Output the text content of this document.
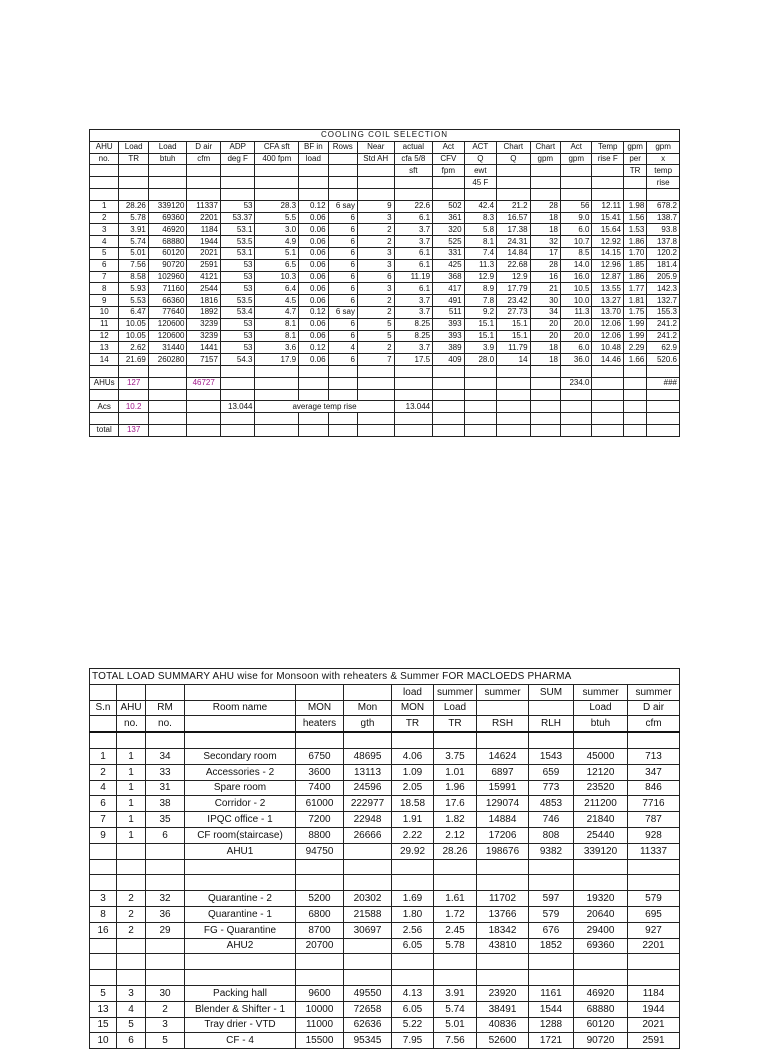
COOLING COIL SELECTION																	
AHU	Load	Load	D air	ADP	CFA sft	BF in	Rows	Near	actual	Act	ACT	Chart	Chart	Act	Temp	gpm	gpm
no.	TR	btuh	cfm	deg F	400 fpm	load		Std AH	cfa 5/8	CFV	Q	Q	gpm	gpm	rise F	per	x
									sft	fpm	ewt					TR	temp
											45 F						rise

1	28.26	339120	11337	53	28.3	0.12	6 say	9	22.6	502	42.4	21.2	28	56	12.11	1.98	678.2
2	5.78	69360	2201	53.37	5.5	0.06	6	3	6.1	361	8.3	16.57	18	9.0	15.41	1.56	138.7
3	3.91	46920	1184	53.1	3.0	0.06	6	2	3.7	320	5.8	17.38	18	6.0	15.64	1.53	93.8
4	5.74	68880	1944	53.5	4.9	0.06	6	2	3.7	525	8.1	24.31	32	10.7	12.92	1.86	137.8
5	5.01	60120	2021	53.1	5.1	0.06	6	3	6.1	331	7.4	14.84	17	8.5	14.15	1.70	120.2
6	7.56	90720	2591	53	6.5	0.06	6	3	6.1	425	11.3	22.68	28	14.0	12.96	1.85	181.4
7	8.58	102960	4121	53	10.3	0.06	6	6	11.19	368	12.9	12.9	16	16.0	12.87	1.86	205.9
8	5.93	71160	2544	53	6.4	0.06	6	3	6.1	417	8.9	17.79	21	10.5	13.55	1.77	142.3
9	5.53	66360	1816	53.5	4.5	0.06	6	2	3.7	491	7.8	23.42	30	10.0	13.27	1.81	132.7
10	6.47	77640	1892	53.4	4.7	0.12	6 say	2	3.7	511	9.2	27.73	34	11.3	13.70	1.75	155.3
11	10.05	120600	3239	53	8.1	0.06	6	5	8.25	393	15.1	15.1	20	20.0	12.06	1.99	241.2
12	10.05	120600	3239	53	8.1	0.06	6	5	8.25	393	15.1	15.1	20	20.0	12.06	1.99	241.2
13	2.62	31440	1441	53	3.6	0.12	4	2	3.7	389	3.9	11.79	18	6.0	10.48	2.29	62.9
14	21.69	260280	7157	54.3	17.9	0.06	6	7	17.5	409	28.0	14	18	36.0	14.46	1.66	520.6

AHUs	127		46727											234.0			###

Acs	10.2			13.044	average temp rise				13.044								

total	137																
TOTAL LOAD SUMMARY AHU wise for Monsoon with reheaters & Summer FOR MACLOEDS PHARMA											
						load	summer	summer	SUM	summer	summer
S.n	AHU	RM	Room name	MON	Mon	MON	Load			Load	D air
	no.	no.		heaters	gth	TR	TR	RSH	RLH	btuh	cfm

1	1	34	Secondary room	6750	48695	4.06	3.75	14624	1543	45000	713
2	1	33	Accessories - 2	3600	13113	1.09	1.01	6897	659	12120	347
4	1	31	Spare room	7400	24596	2.05	1.96	15991	773	23520	846
6	1	38	Corridor - 2	61000	222977	18.58	17.6	129074	4853	211200	7716
7	1	35	IPQC office - 1	7200	22948	1.91	1.82	14884	746	21840	787
9	1	6	CF room(staircase)	8800	26666	2.22	2.12	17206	808	25440	928
			AHU1	94750		29.92	28.26	198676	9382	339120	11337

3	2	32	Quarantine - 2	5200	20302	1.69	1.61	11702	597	19320	579
8	2	36	Quarantine - 1	6800	21588	1.80	1.72	13766	579	20640	695
16	2	29	FG - Quarantine	8700	30697	2.56	2.45	18342	676	29400	927
			AHU2	20700		6.05	5.78	43810	1852	69360	2201

5	3	30	Packing hall	9600	49550	4.13	3.91	23920	1161	46920	1184
13	4	2	Blender & Shifter - 1	10000	72658	6.05	5.74	38491	1544	68880	1944
15	5	3	Tray drier - VTD	11000	62636	5.22	5.01	40836	1288	60120	2021
10	6	5	CF - 4	15500	95345	7.95	7.56	52600	1721	90720	2591
